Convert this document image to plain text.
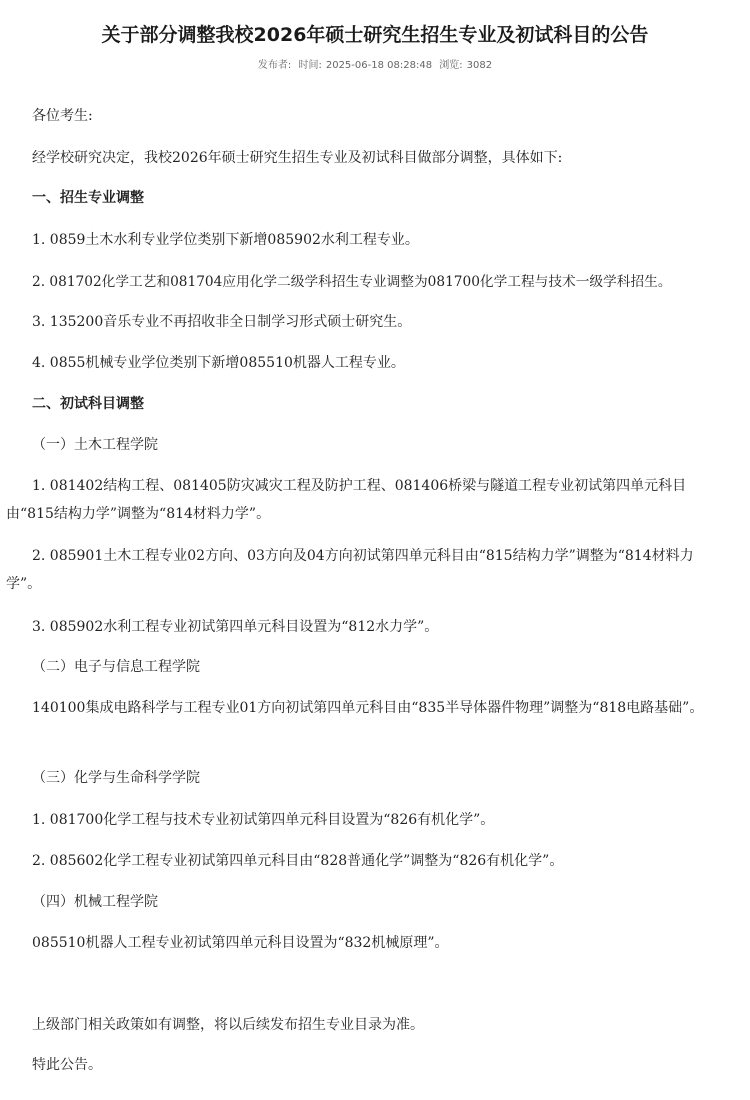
关于部分调整我校2026年硕士研究生招生专业及初试科目的公告
发布者: 时间: 2025-06-18 08:28:48 浏览: 3082
各位考生:
经学校研究决定，我校2026年硕士研究生招生专业及初试科目做部分调整，具体如下:
一、招生专业调整
1. 0859土木水利专业学位类别下新增085902水利工程专业。
2. 081702化学工艺和081704应用化学二级学科招生专业调整为081700化学工程与技术一级学科招生。
3. 135200音乐专业不再招收非全日制学习形式硕士研究生。
4. 0855机械专业学位类别下新增085510机器人工程专业。
二、初试科目调整
（一）土木工程学院
1. 081402结构工程、081405防灾减灾工程及防护工程、081406桥梁与隧道工程专业初试第四单元科目由“815结构力学”调整为“814材料力学”。
2. 085901土木工程专业02方向、03方向及04方向初试第四单元科目由“815结构力学”调整为“814材料力学”。
3. 085902水利工程专业初试第四单元科目设置为“812水力学”。
（二）电子与信息工程学院
140100集成电路科学与工程专业01方向初试第四单元科目由“835半导体器件物理”调整为“818电路基础”。
（三）化学与生命科学学院
1. 081700化学工程与技术专业初试第四单元科目设置为“826有机化学”。
2. 085602化学工程专业初试第四单元科目由“828普通化学”调整为“826有机化学”。
（四）机械工程学院
085510机器人工程专业初试第四单元科目设置为“832机械原理”。
上级部门相关政策如有调整，将以后续发布招生专业目录为准。
特此公告。
